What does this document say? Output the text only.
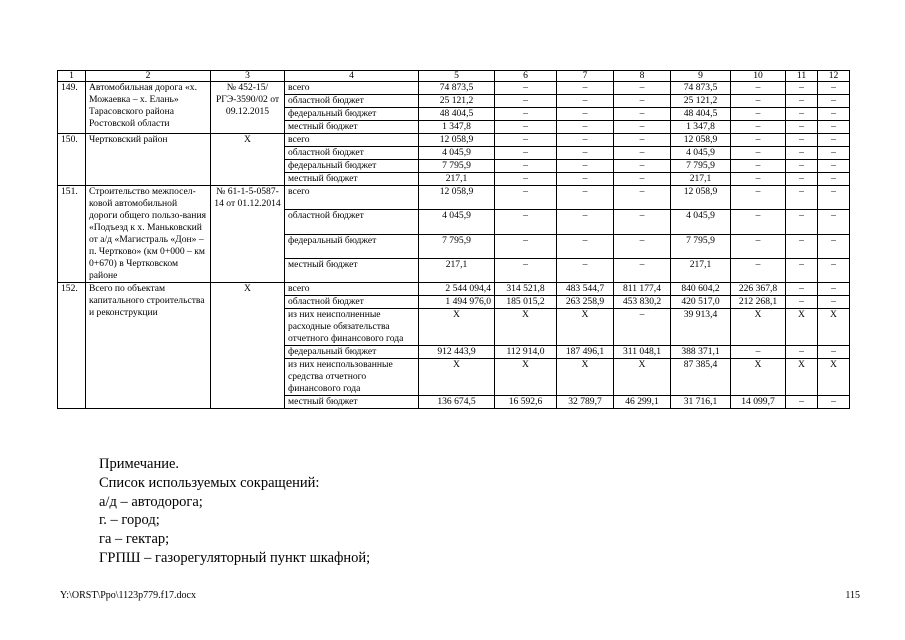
1	2	3	4	5	6	7	8	9	10	11	12
149.	Автомобильная дорога «х. Можаевка – х. Елань» Тарасовского района Ростовской области	№ 452-15/РГЭ-3590/02 от 09.12.2015	всего	74 873,5	–	–	–	74 873,5	–	–	–
			областной бюджет	25 121,2	–	–	–	25 121,2	–	–	–
			федеральный бюджет	48 404,5	–	–	–	48 404,5	–	–	–
			местный бюджет	1 347,8	–	–	–	1 347,8	–	–	–
150.	Чертковский район	Х	всего	12 058,9	–	–	–	12 058,9	–	–	–
			областной бюджет	4 045,9	–	–	–	4 045,9	–	–	–
			федеральный бюджет	7 795,9	–	–	–	7 795,9	–	–	–
			местный бюджет	217,1	–	–	–	217,1	–	–	–
151.	Строительство межпосел-ковой автомобильной дороги общего пользо-вания «Подъезд к х. Маньковский от а/д «Магистраль «Дон» – п. Чертково» (км 0+000 – км 0+670) в Чертковском районе	№ 61-1-5-0587-14 от 01.12.2014	всего	12 058,9	–	–	–	12 058,9	–	–	–
			областной бюджет	4 045,9	–	–	–	4 045,9	–	–	–
			федеральный бюджет	7 795,9	–	–	–	7 795,9	–	–	–
			местный бюджет	217,1	–	–	–	217,1	–	–	–
152.	Всего по объектам капитального строительства и реконструкции	Х	всего	2 544 094,4	314 521,8	483 544,7	811 177,4	840 604,2	226 367,8	–	–
			областной бюджет	1 494 976,0	185 015,2	263 258,9	453 830,2	420 517,0	212 268,1	–	–
			из них неисполненные расходные обязательства отчетного финансового года	Х	Х	Х	–	39 913,4	Х	Х	Х
			федеральный бюджет	912 443,9	112 914,0	187 496,1	311 048,1	388 371,1	–	–	–
			из них неиспользованные средства отчетного финансового года	Х	Х	Х	Х	87 385,4	Х	Х	Х
			местный бюджет	136 674,5	16 592,6	32 789,7	46 299,1	31 716,1	14 099,7	–	–
Примечание.
Список используемых сокращений:
а/д – автодорога;
г. – город;
га – гектар;
ГРПШ – газорегуляторный пункт шкафной;
Y:\ORST\Ppo\1123p779.f17.docx	115
